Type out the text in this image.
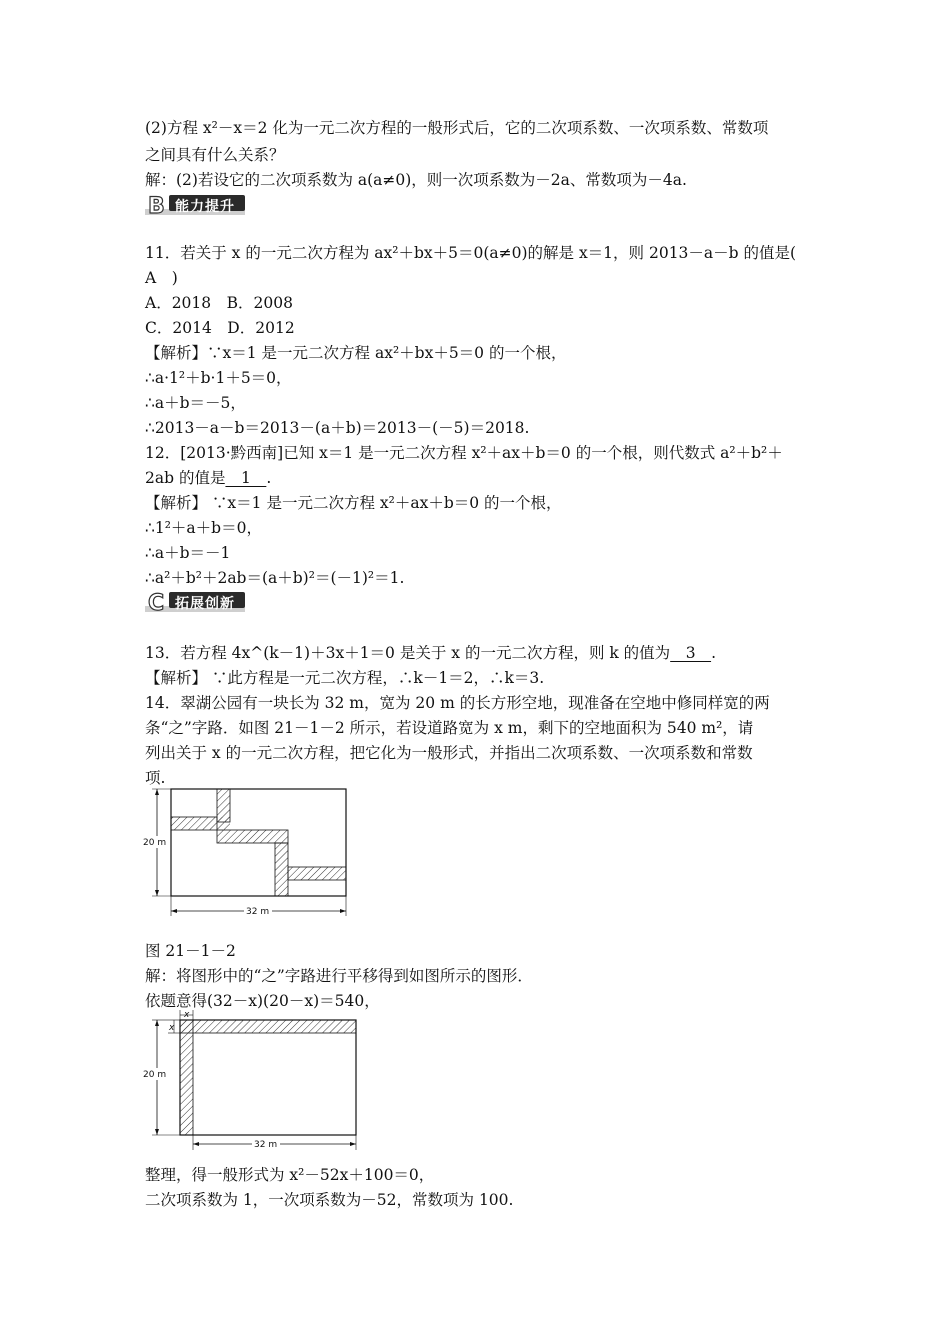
(2)方程 x²－x＝2 化为一元二次方程的一般形式后，它的二次项系数、一次项系数、常数项
之间具有什么关系？
解：(2)若设它的二次项系数为 a(a≠0)，则一次项系数为－2a、常数项为－4a.
B 能力提升
11．若关于 x 的一元二次方程为 ax²＋bx＋5＝0(a≠0)的解是 x＝1，则 2013－a－b 的值是(
A　)
A．2018　B．2008
C．2014　D．2012
【解析】∵x＝1 是一元二次方程 ax²＋bx＋5＝0 的一个根，
∴a·1²＋b·1＋5＝0，
∴a＋b＝－5，
∴2013－a－b＝2013－(a＋b)＝2013－(－5)＝2018.
12．[2013·黔西南]已知 x＝1 是一元二次方程 x²＋ax＋b＝0 的一个根，则代数式 a²＋b²＋
2ab 的值是　1　.
【解析】 ∵x＝1 是一元二次方程 x²＋ax＋b＝0 的一个根，
∴1²＋a＋b＝0，
∴a＋b＝－1
∴a²＋b²＋2ab＝(a＋b)²＝(－1)²＝1.
C 拓展创新
13．若方程 4x^(k－1)＋3x＋1＝0 是关于 x 的一元二次方程，则 k 的值为　3　.
【解析】 ∵此方程是一元二次方程，∴k－1＝2，∴k＝3.
14．翠湖公园有一块长为 32 m，宽为 20 m 的长方形空地，现准备在空地中修同样宽的两
条“之”字路．如图 21－1－2 所示，若设道路宽为 x m，剩下的空地面积为 540 m²，请
列出关于 x 的一元二次方程，把它化为一般形式，并指出二次项系数、一次项系数和常数
项.
20 m
32 m
图 21－1－2
解：将图形中的“之”字路进行平移得到如图所示的图形．
依题意得(32－x)(20－x)＝540，
x
x
20 m
32 m
整理，得一般形式为 x²－52x＋100＝0，
二次项系数为 1，一次项系数为－52，常数项为 100.
